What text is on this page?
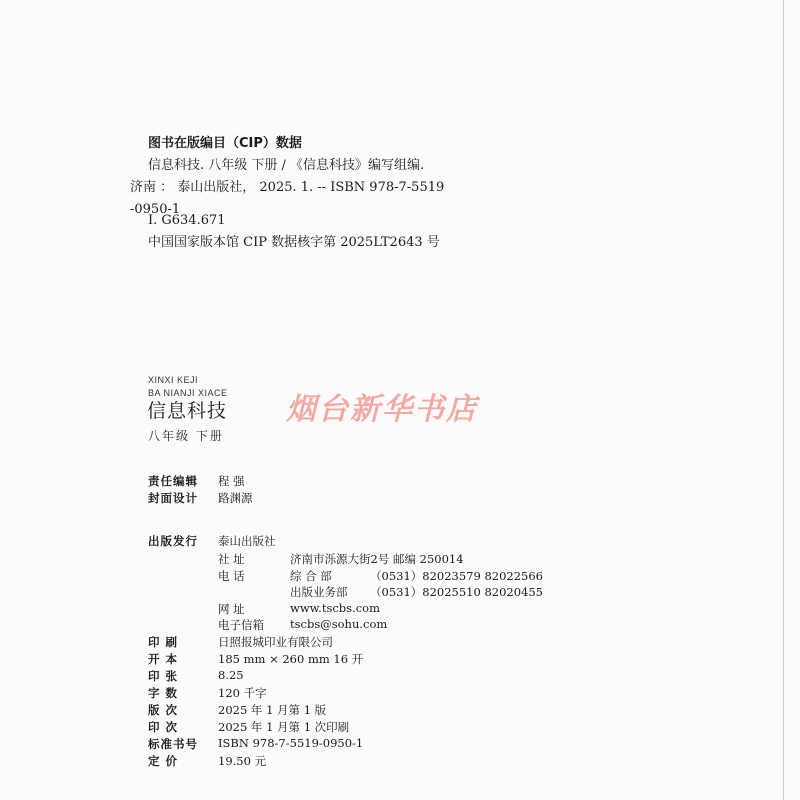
图书在版编目（CIP）数据
信息科技. 八年级 下册 / 《信息科技》编写组编.
济南 ： 泰山出版社， 2025. 1. -- ISBN 978-7-5519
-0950-1
I. G634.671
中国国家版本馆 CIP 数据核字第 2025LT2643 号
XINXI KEJI
BA NIANJI XIACE
信息科技
八年级 下册
烟台新华书店
责任编辑 程 强
封面设计 路渊源
出版发行 泰山出版社
社 址	济南市泺源大街2号 邮编 250014
电 话	综 合 部	（0531）82023579 82022566
出版业务部 （0531）82025510 82020455
网 址	www.tscbs.com
电子信箱 tscbs@sohu.com
印 刷	日照报城印业有限公司
开 本	185 mm × 260 mm 16 开
印 张	8.25
字 数	120 千字
版 次	2025 年 1 月第 1 版
印 次	2025 年 1 月第 1 次印刷
标准书号 ISBN 978-7-5519-0950-1
定 价	19.50 元
